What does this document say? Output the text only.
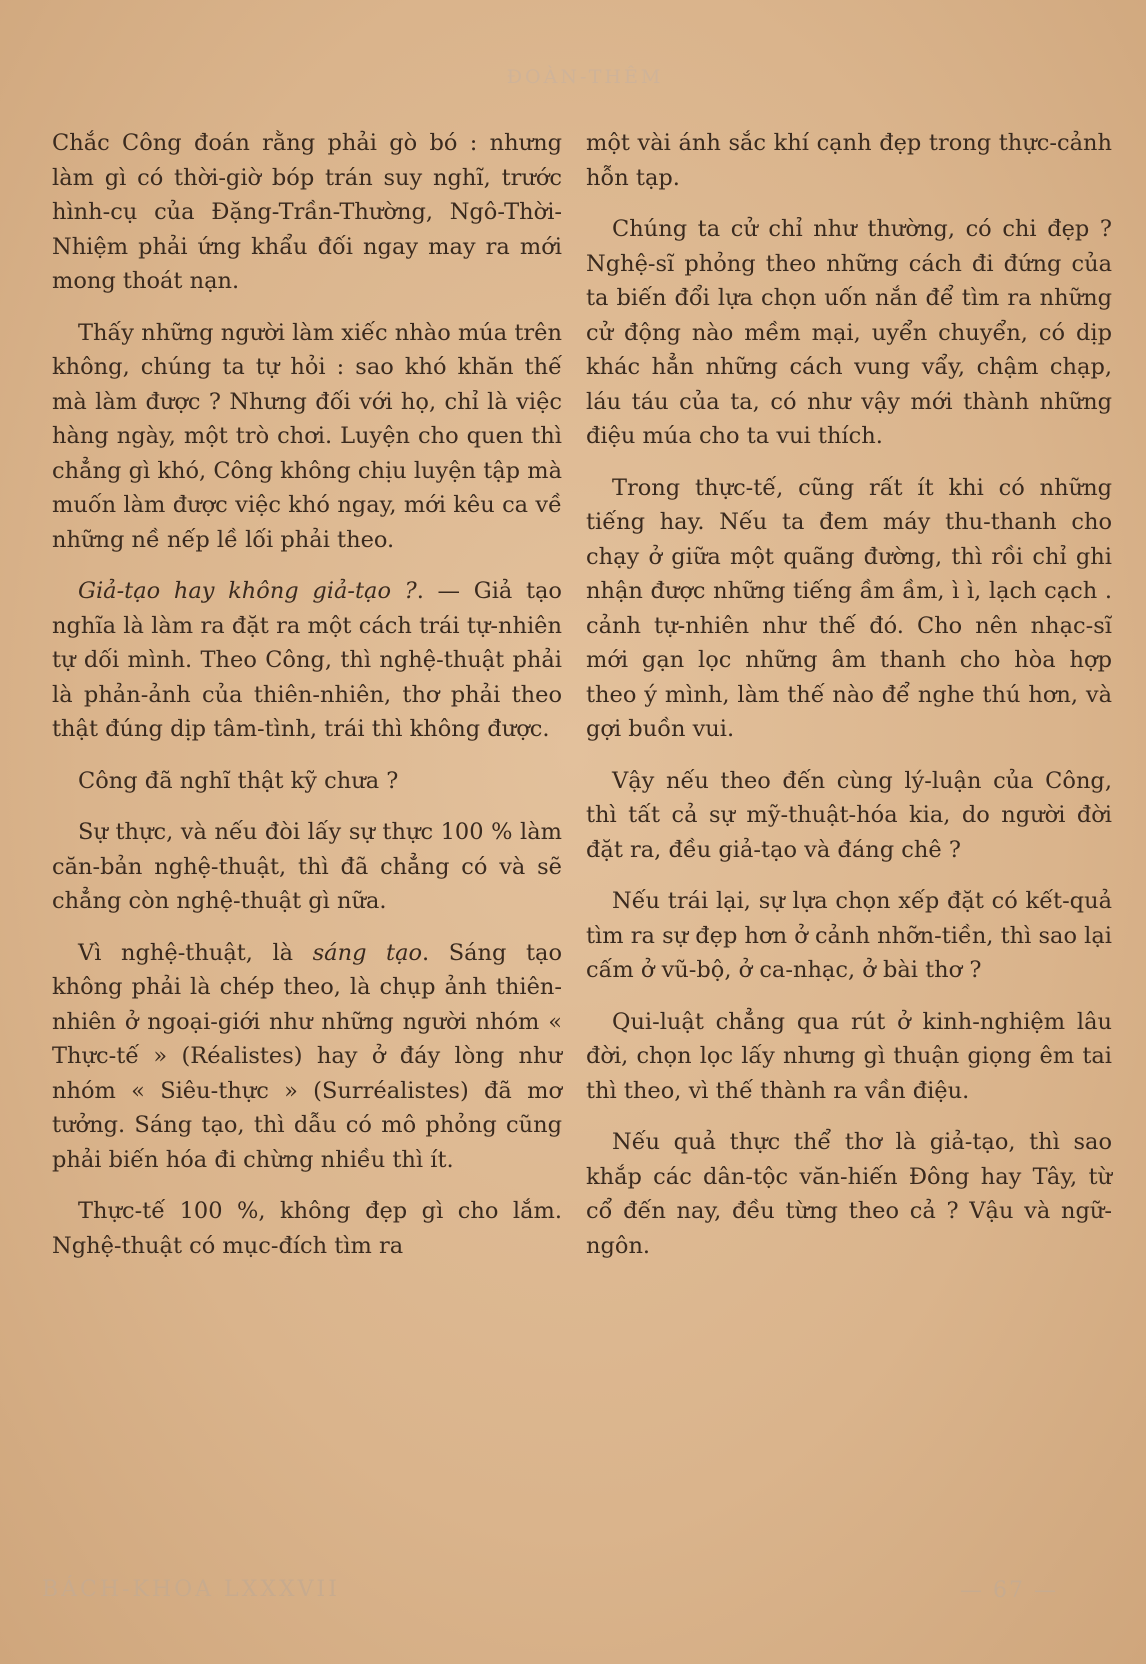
ĐOÀN-THÊM

Chắc Công đoán rằng phải gò bó : nhưng làm gì có thời-giờ bóp trán suy nghĩ, trước hình-cụ của Đặng-Trần-Thường, Ngô-Thời-Nhiệm phải ứng khẩu đối ngay may ra mới mong thoát nạn.

Thấy những người làm xiếc nhào múa trên không, chúng ta tự hỏi : sao khó khăn thế mà làm được ? Nhưng đối với họ, chỉ là việc hàng ngày, một trò chơi. Luyện cho quen thì chẳng gì khó, Công không chịu luyện tập mà muốn làm được việc khó ngay, mới kêu ca về những nề nếp lề lối phải theo.

Giả-tạo hay không giả-tạo ?. — Giả tạo nghĩa là làm ra đặt ra một cách trái tự-nhiên tự dối mình. Theo Công, thì nghệ-thuật phải là phản-ảnh của thiên-nhiên, thơ phải theo thật đúng dịp tâm-tình, trái thì không được.

Công đã nghĩ thật kỹ chưa ?

Sự thực, và nếu đòi lấy sự thực 100 % làm căn-bản nghệ-thuật, thì đã chẳng có và sẽ chẳng còn nghệ-thuật gì nữa.

Vì nghệ-thuật, là sáng tạo. Sáng tạo không phải là chép theo, là chụp ảnh thiên-nhiên ở ngoại-giới như những người nhóm « Thực-tế » (Réalistes) hay ở đáy lòng như nhóm « Siêu-thực » (Surréalistes) đã mơ tưởng. Sáng tạo, thì dẫu có mô phỏng cũng phải biến hóa đi chừng nhiều thì ít.

Thực-tế 100 %, không đẹp gì cho lắm. Nghệ-thuật có mục-đích tìm ra

một vài ánh sắc khí cạnh đẹp trong thực-cảnh hỗn tạp.

Chúng ta cử chỉ như thường, có chi đẹp ? Nghệ-sĩ phỏng theo những cách đi đứng của ta biến đổi lựa chọn uốn nắn để tìm ra những cử động nào mềm mại, uyển chuyển, có dịp khác hẳn những cách vung vẩy, chậm chạp, láu táu của ta, có như vậy mới thành những điệu múa cho ta vui thích.

Trong thực-tế, cũng rất ít khi có những tiếng hay. Nếu ta đem máy thu-thanh cho chạy ở giữa một quãng đường, thì rồi chỉ ghi nhận được những tiếng ầm ầm, ì ì, lạch cạch . cảnh tự-nhiên như thế đó. Cho nên nhạc-sĩ mới gạn lọc những âm thanh cho hòa hợp theo ý mình, làm thế nào để nghe thú hơn, và gợi buồn vui.

Vậy nếu theo đến cùng lý-luận của Công, thì tất cả sự mỹ-thuật-hóa kia, do người đời đặt ra, đều giả-tạo và đáng chê ?

Nếu trái lại, sự lựa chọn xếp đặt có kết-quả tìm ra sự đẹp hơn ở cảnh nhỡn-tiền, thì sao lại cấm ở vũ-bộ, ở ca-nhạc, ở bài thơ ?

Qui-luật chẳng qua rút ở kinh-nghiệm lâu đời, chọn lọc lấy nhưng gì thuận giọng êm tai thì theo, vì thế thành ra vần điệu.

Nếu quả thực thể thơ là giả-tạo, thì sao khắp các dân-tộc văn-hiến Đông hay Tây, từ cổ đến nay, đều từng theo cả ? Vậu và ngữ-ngôn.

BÁCH-KHOA LXXXVII	— 67 —
